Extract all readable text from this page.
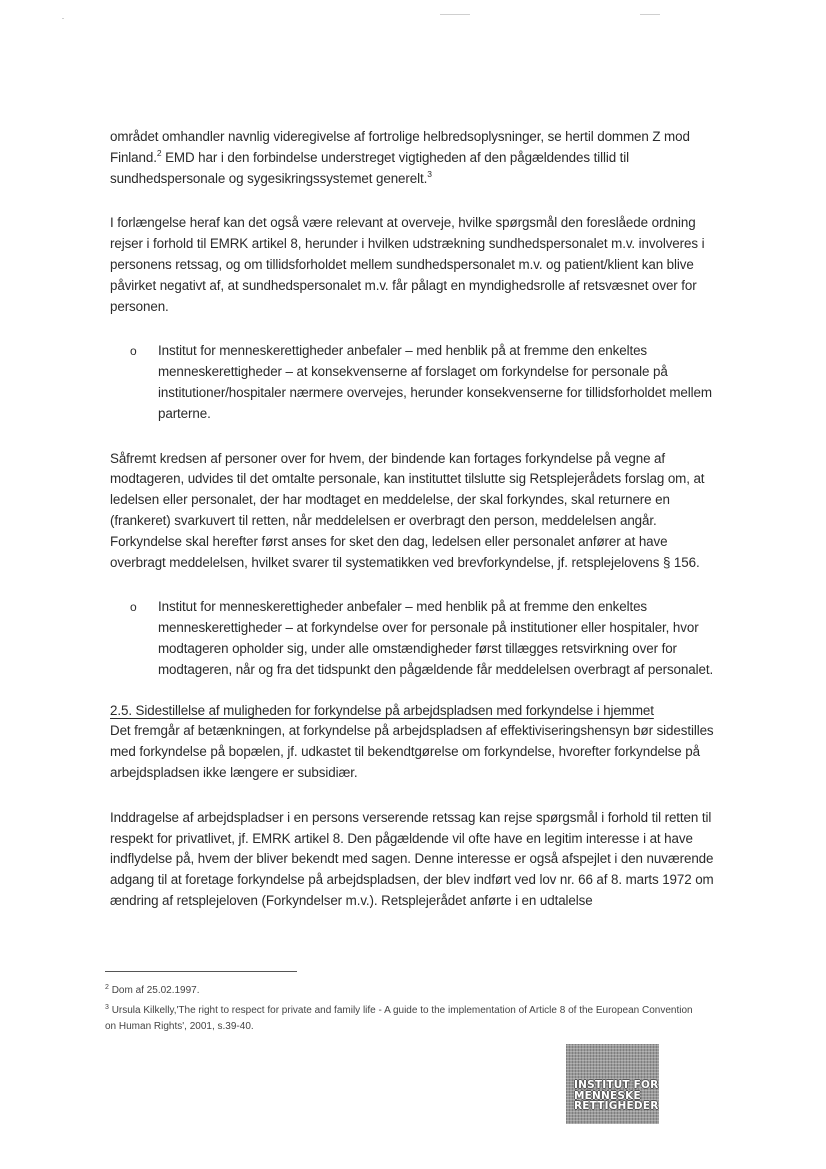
området omhandler navnlig videregivelse af fortrolige helbredsoplysninger, se hertil dommen Z mod Finland.$^2$ EMD har i den forbindelse understreget vigtigheden af den pågældendes tillid til sundhedspersonale og sygesikringssystemet generelt.$^3$

I forlængelse heraf kan det også være relevant at overveje, hvilke spørgsmål den foreslåede ordning rejser i forhold til EMRK artikel 8, herunder i hvilken udstrækning sundhedspersonalet m.v. involveres i personens retssag, og om tillidsforholdet mellem sundhedspersonalet m.v. og patient/klient kan blive påvirket negativt af, at sundhedspersonalet m.v. får pålagt en myndighedsrolle af retsvæsnet over for personen.

o Institut for menneskerettigheder anbefaler – med henblik på at fremme den enkeltes menneskerettigheder – at konsekvenserne af forslaget om forkyndelse for personale på institutioner/hospitaler nærmere overvejes, herunder konsekvenserne for tillidsforholdet mellem parterne.

Såfremt kredsen af personer over for hvem, der bindende kan fortages forkyndelse på vegne af modtageren, udvides til det omtalte personale, kan instituttet tilslutte sig Retsplejerådets forslag om, at ledelsen eller personalet, der har modtaget en meddelelse, der skal forkyndes, skal returnere en (frankeret) svarkuvert til retten, når meddelelsen er overbragt den person, meddelelsen angår. Forkyndelse skal herefter først anses for sket den dag, ledelsen eller personalet anfører at have overbragt meddelelsen, hvilket svarer til systematikken ved brevforkyndelse, jf. retsplejelovens § 156.

o Institut for menneskerettigheder anbefaler – med henblik på at fremme den enkeltes menneskerettigheder – at forkyndelse over for personale på institutioner eller hospitaler, hvor modtageren opholder sig, under alle omstændigheder først tillægges retsvirkning over for modtageren, når og fra det tidspunkt den pågældende får meddelelsen overbragt af personalet.

2.5. Sidestillelse af muligheden for forkyndelse på arbejdspladsen med forkyndelse i hjemmet

Det fremgår af betænkningen, at forkyndelse på arbejdspladsen af effektiviseringshensyn bør sidestilles med forkyndelse på bopælen, jf. udkastet til bekendtgørelse om forkyndelse, hvorefter forkyndelse på arbejdspladsen ikke længere er subsidiær.

Inddragelse af arbejdspladser i en persons verserende retssag kan rejse spørgsmål i forhold til retten til respekt for privatlivet, jf. EMRK artikel 8. Den pågældende vil ofte have en legitim interesse i at have indflydelse på, hvem der bliver bekendt med sagen. Denne interesse er også afspejlet i den nuværende adgang til at foretage forkyndelse på arbejdspladsen, der blev indført ved lov nr. 66 af 8. marts 1972 om ændring af retsplejeloven (Forkyndelser m.v.). Retsplejerådet anførte i en udtalelse

$^2$ Dom af 25.02.1997.

$^3$ Ursula Kilkelly,'The right to respect for private and family life - A guide to the implementation of Article 8 of the European Convention on Human Rights', 2001, s.39-40.

INSTITUT FOR
MENNESKE
RETTIGHEDER
